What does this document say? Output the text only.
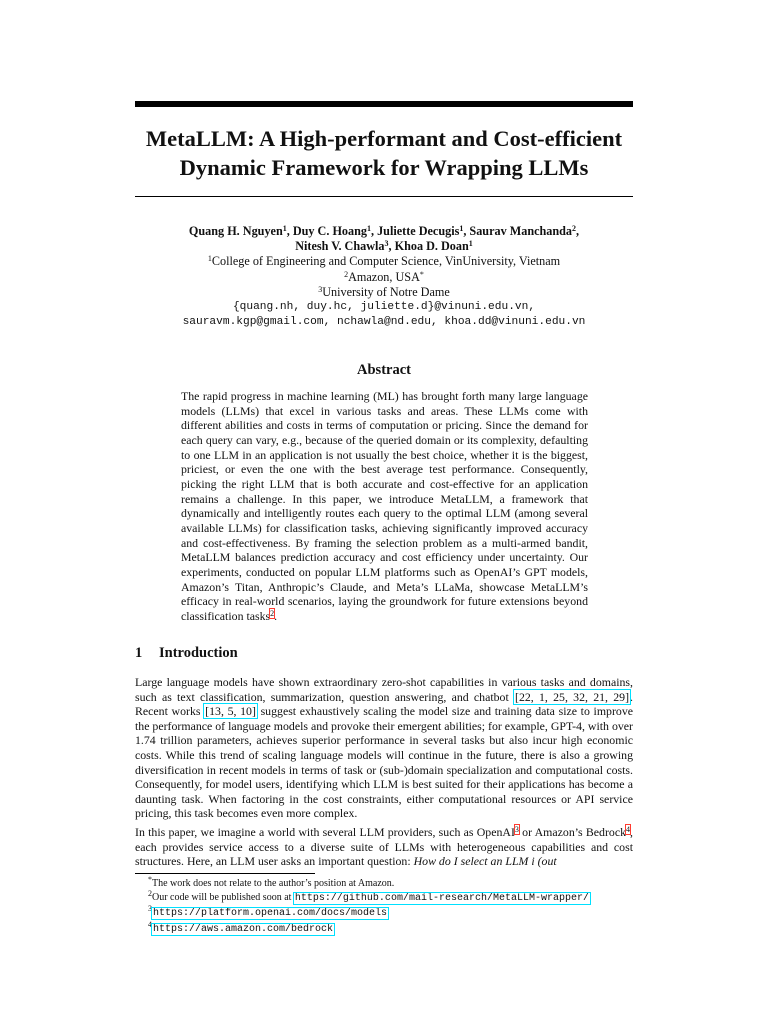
MetaLLM: A High-performant and Cost-efficient
Dynamic Framework for Wrapping LLMs
Quang H. Nguyen$^1$, Duy C. Hoang$^1$, Juliette Decugis$^1$, Saurav Manchanda$^2$,
Nitesh V. Chawla$^3$, Khoa D. Doan$^1$
$^1$College of Engineering and Computer Science, VinUniversity, Vietnam
$^2$Amazon, USA*
$^3$University of Notre Dame
{quang.nh, duy.hc, juliette.d}@vinuni.edu.vn,
sauravm.kgp@gmail.com, nchawla@nd.edu, khoa.dd@vinuni.edu.vn
Abstract
The rapid progress in machine learning (ML) has brought forth many large language models (LLMs) that excel in various tasks and areas. These LLMs come with different abilities and costs in terms of computation or pricing. Since the demand for each query can vary, e.g., because of the queried domain or its complexity, defaulting to one LLM in an application is not usually the best choice, whether it is the biggest, priciest, or even the one with the best average test performance. Consequently, picking the right LLM that is both accurate and cost-effective for an application remains a challenge. In this paper, we introduce MetaLLM, a framework that dynamically and intelligently routes each query to the optimal LLM (among several available LLMs) for classification tasks, achieving significantly improved accuracy and cost-effectiveness. By framing the selection problem as a multi-armed bandit, MetaLLM balances prediction accuracy and cost efficiency under uncertainty. Our experiments, conducted on popular LLM platforms such as OpenAI’s GPT models, Amazon’s Titan, Anthropic’s Claude, and Meta’s LLaMa, showcase MetaLLM’s efficacy in real-world scenarios, laying the groundwork for future extensions beyond classification tasks$^2$.
1 Introduction
Large language models have shown extraordinary zero-shot capabilities in various tasks and domains, such as text classification, summarization, question answering, and chatbot [22, 1, 25, 32, 21, 29]. Recent works [13, 5, 10] suggest exhaustively scaling the model size and training data size to improve the performance of language models and provoke their emergent abilities; for example, GPT-4, with over 1.74 trillion parameters, achieves superior performance in several tasks but also incur high economic costs. While this trend of scaling language models will continue in the future, there is also a growing diversification in recent models in terms of task or (sub-)domain specialization and computational costs. Consequently, for model users, identifying which LLM is best suited for their applications has become a daunting task. When factoring in the cost constraints, either computational resources or API service pricing, this task becomes even more complex.
In this paper, we imagine a world with several LLM providers, such as OpenAI$^3$ or Amazon’s Bedrock$^4$, each provides service access to a diverse suite of LLMs with heterogeneous capabilities and cost structures. Here, an LLM user asks an important question: How do I select an LLM i (out
*The work does not relate to the author’s position at Amazon.
$^2$Our code will be published soon at https://github.com/mail-research/MetaLLM-wrapper/
$^3$https://platform.openai.com/docs/models
$^4$https://aws.amazon.com/bedrock
